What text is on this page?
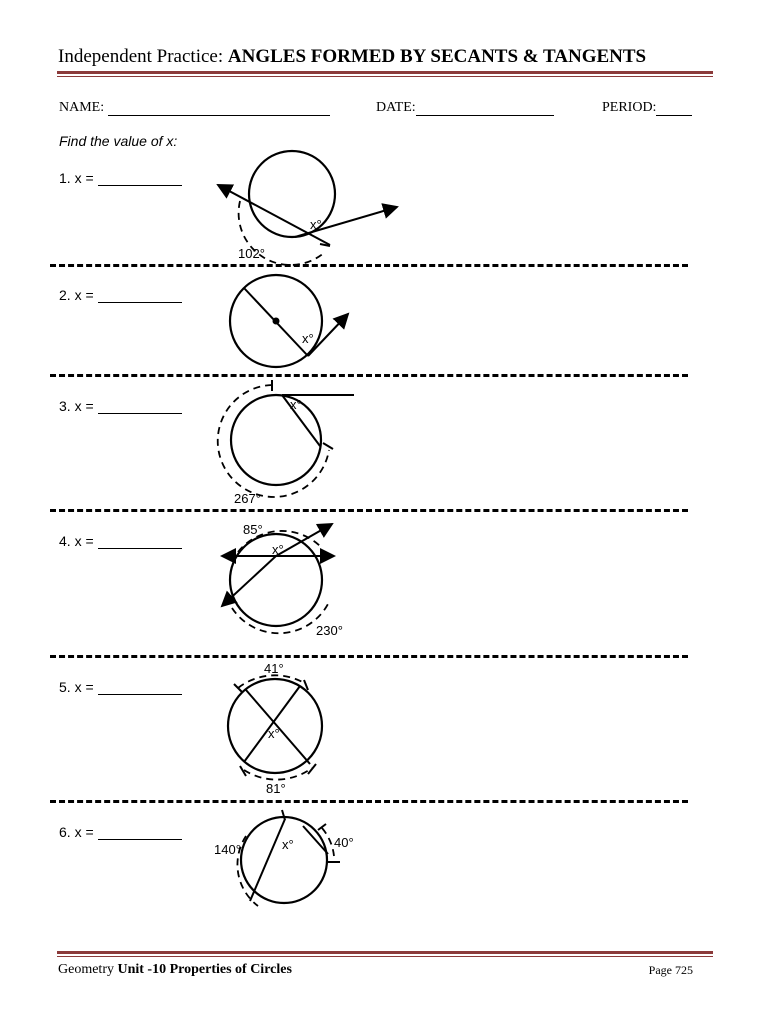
Independent Practice: ANGLES FORMED BY SECANTS & TANGENTS
NAME:	DATE:	PERIOD:
Find the value of x:
1. x =
x°
102°
2. x =
x°
3. x =	x°
267°
4. x =
x°
85°
230°
5. x =
x°
41°
81°
6. x =
x°
140°	40°
Geometry Unit -10 Properties of Circles	Page 725
